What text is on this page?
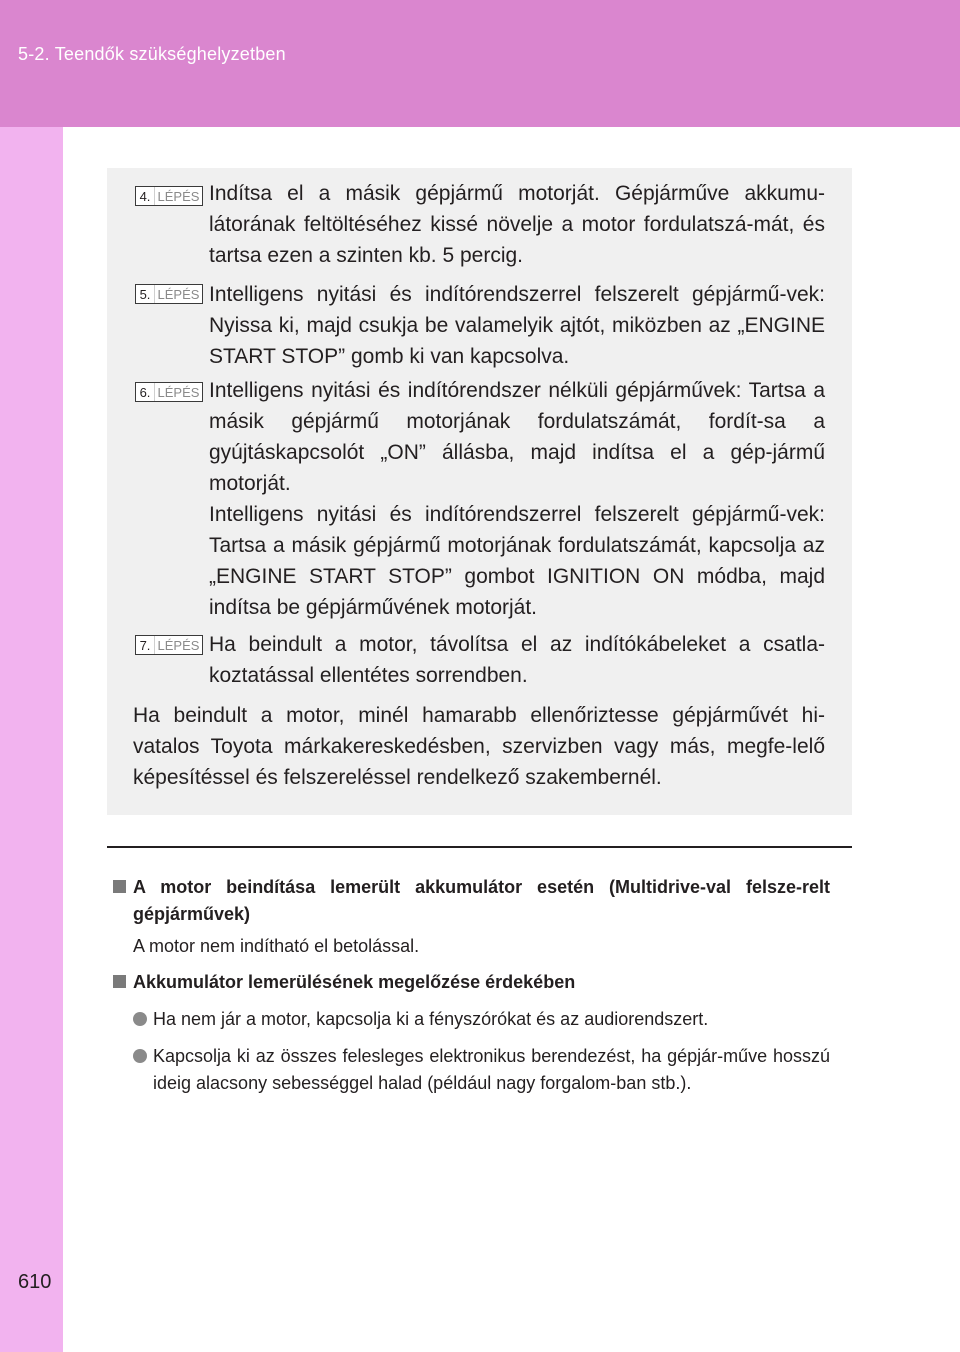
5-2. Teendők szükséghelyzetben
610
4. LÉPÉS Indítsa el a másik gépjármű motorját. Gépjárműve akkumu-látorának feltöltéséhez kissé növelje a motor fordulatszá-mát, és tartsa ezen a szinten kb. 5 percig.
5. LÉPÉS Intelligens nyitási és indítórendszerrel felszerelt gépjármű-vek: Nyissa ki, majd csukja be valamelyik ajtót, miközben az „ENGINE START STOP” gomb ki van kapcsolva.
6. LÉPÉS Intelligens nyitási és indítórendszer nélküli gépjárművek: Tartsa a másik gépjármű motorjának fordulatszámát, fordít-sa a gyújtáskapcsolót „ON” állásba, majd indítsa el a gép-jármű motorját.
Intelligens nyitási és indítórendszerrel felszerelt gépjármű-vek: Tartsa a másik gépjármű motorjának fordulatszámát, kapcsolja az „ENGINE START STOP” gombot IGNITION ON módba, majd indítsa be gépjárművének motorját.
7. LÉPÉS Ha beindult a motor, távolítsa el az indítókábeleket a csatla-koztatással ellentétes sorrendben.
Ha beindult a motor, minél hamarabb ellenőriztesse gépjárművét hi-vatalos Toyota márkakereskedésben, szervizben vagy más, megfe-lelő képesítéssel és felszereléssel rendelkező szakembernél.
A motor beindítása lemerült akkumulátor esetén (Multidrive-val felsze-relt gépjárművek)
A motor nem indítható el betolással.
Akkumulátor lemerülésének megelőzése érdekében
Ha nem jár a motor, kapcsolja ki a fényszórókat és az audiorendszert.
Kapcsolja ki az összes felesleges elektronikus berendezést, ha gépjár-műve hosszú ideig alacsony sebességgel halad (például nagy forgalom-ban stb.).
